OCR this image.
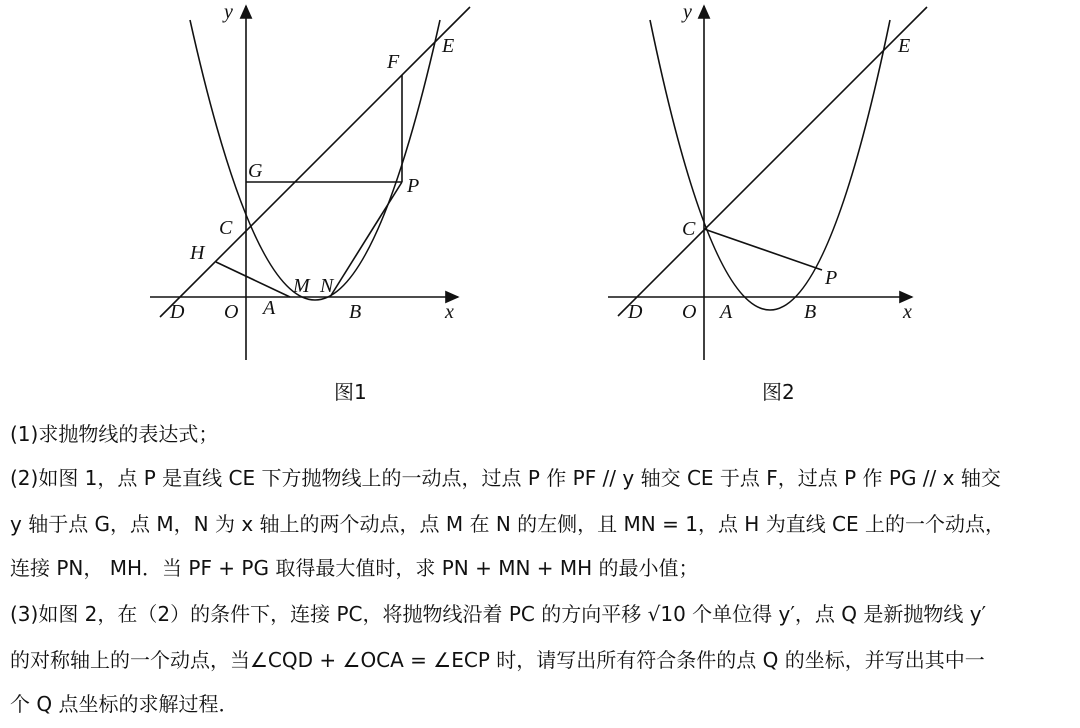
y
x
O A	B
C
D
E
F
G
P
H
M N
y
x
O A	B
C
D
E
P
图1	图2
(1)求抛物线的表达式；
(2)如图 1，点 P 是直线 CE 下方抛物线上的一动点，过点 P 作 PF // y 轴交 CE 于点 F，过点 P 作 PG // x 轴交
y 轴于点 G，点 M，N 为 x 轴上的两个动点，点 M 在 N 的左侧，且 MN = 1，点 H 为直线 CE 上的一个动点，
连接 PN， MH．当 PF + PG 取得最大值时，求 PN + MN + MH 的最小值；
(3)如图 2，在（2）的条件下，连接 PC，将抛物线沿着 PC 的方向平移 √10 个单位得 y′，点 Q 是新抛物线 y′
的对称轴上的一个动点，当∠CQD + ∠OCA = ∠ECP 时，请写出所有符合条件的点 Q 的坐标，并写出其中一
个 Q 点坐标的求解过程．
